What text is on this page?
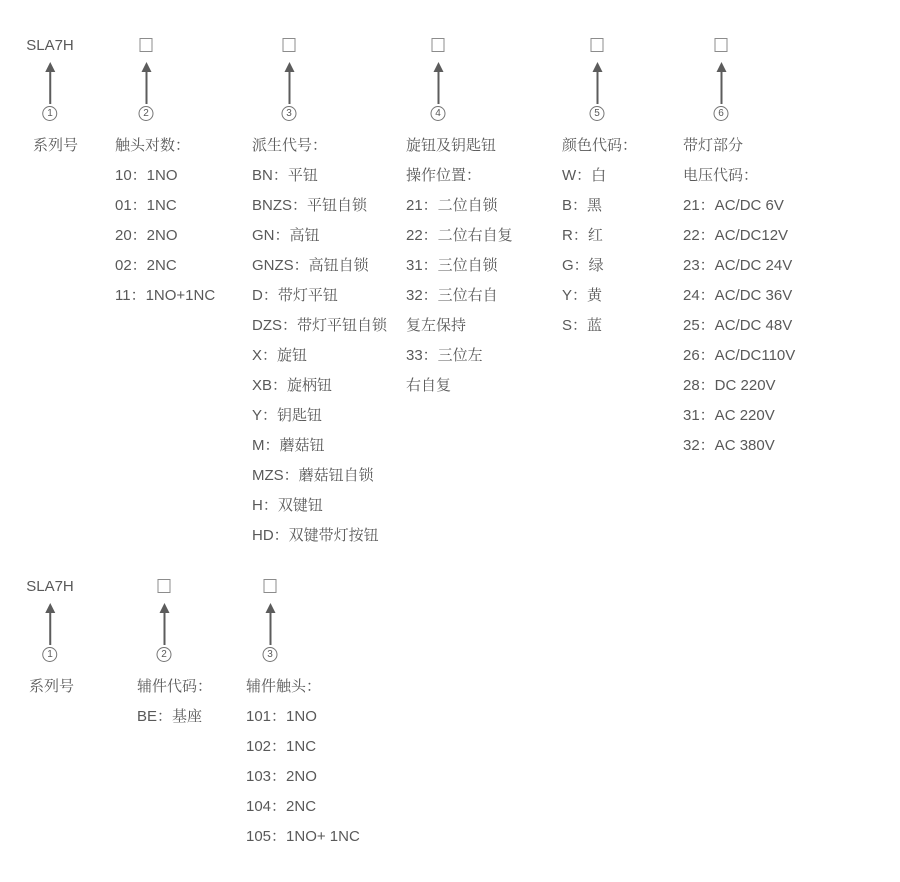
SLA7H
1
系列号
2
触头对数：
10：1NO
01：1NC
20：2NO
02：2NC
11：1NO+1NC
3
派生代号：
BN：平钮
BNZS：平钮自锁
GN：高钮
GNZS：高钮自锁
D：带灯平钮
DZS：带灯平钮自锁
X：旋钮
XB：旋柄钮
Y：钥匙钮
M：蘑菇钮
MZS：蘑菇钮自锁
H：双键钮
HD：双键带灯按钮
4
旋钮及钥匙钮
操作位置：
21：二位自锁
22：二位右自复
31：三位自锁
32：三位右自
复左保持
33：三位左
右自复
5
颜色代码：
W：白
B：黑
R：红
G：绿
Y：黄
S：蓝
6
带灯部分
电压代码：
21：AC/DC 6V
22：AC/DC12V
23：AC/DC 24V
24：AC/DC 36V
25：AC/DC 48V
26：AC/DC110V
28：DC 220V
31：AC 220V
32：AC 380V
SLA7H
1
系列号
2
辅件代码：
BE：基座
3
辅件触头：
101：1NO
102：1NC
103：2NO
104：2NC
105：1NO+ 1NC
